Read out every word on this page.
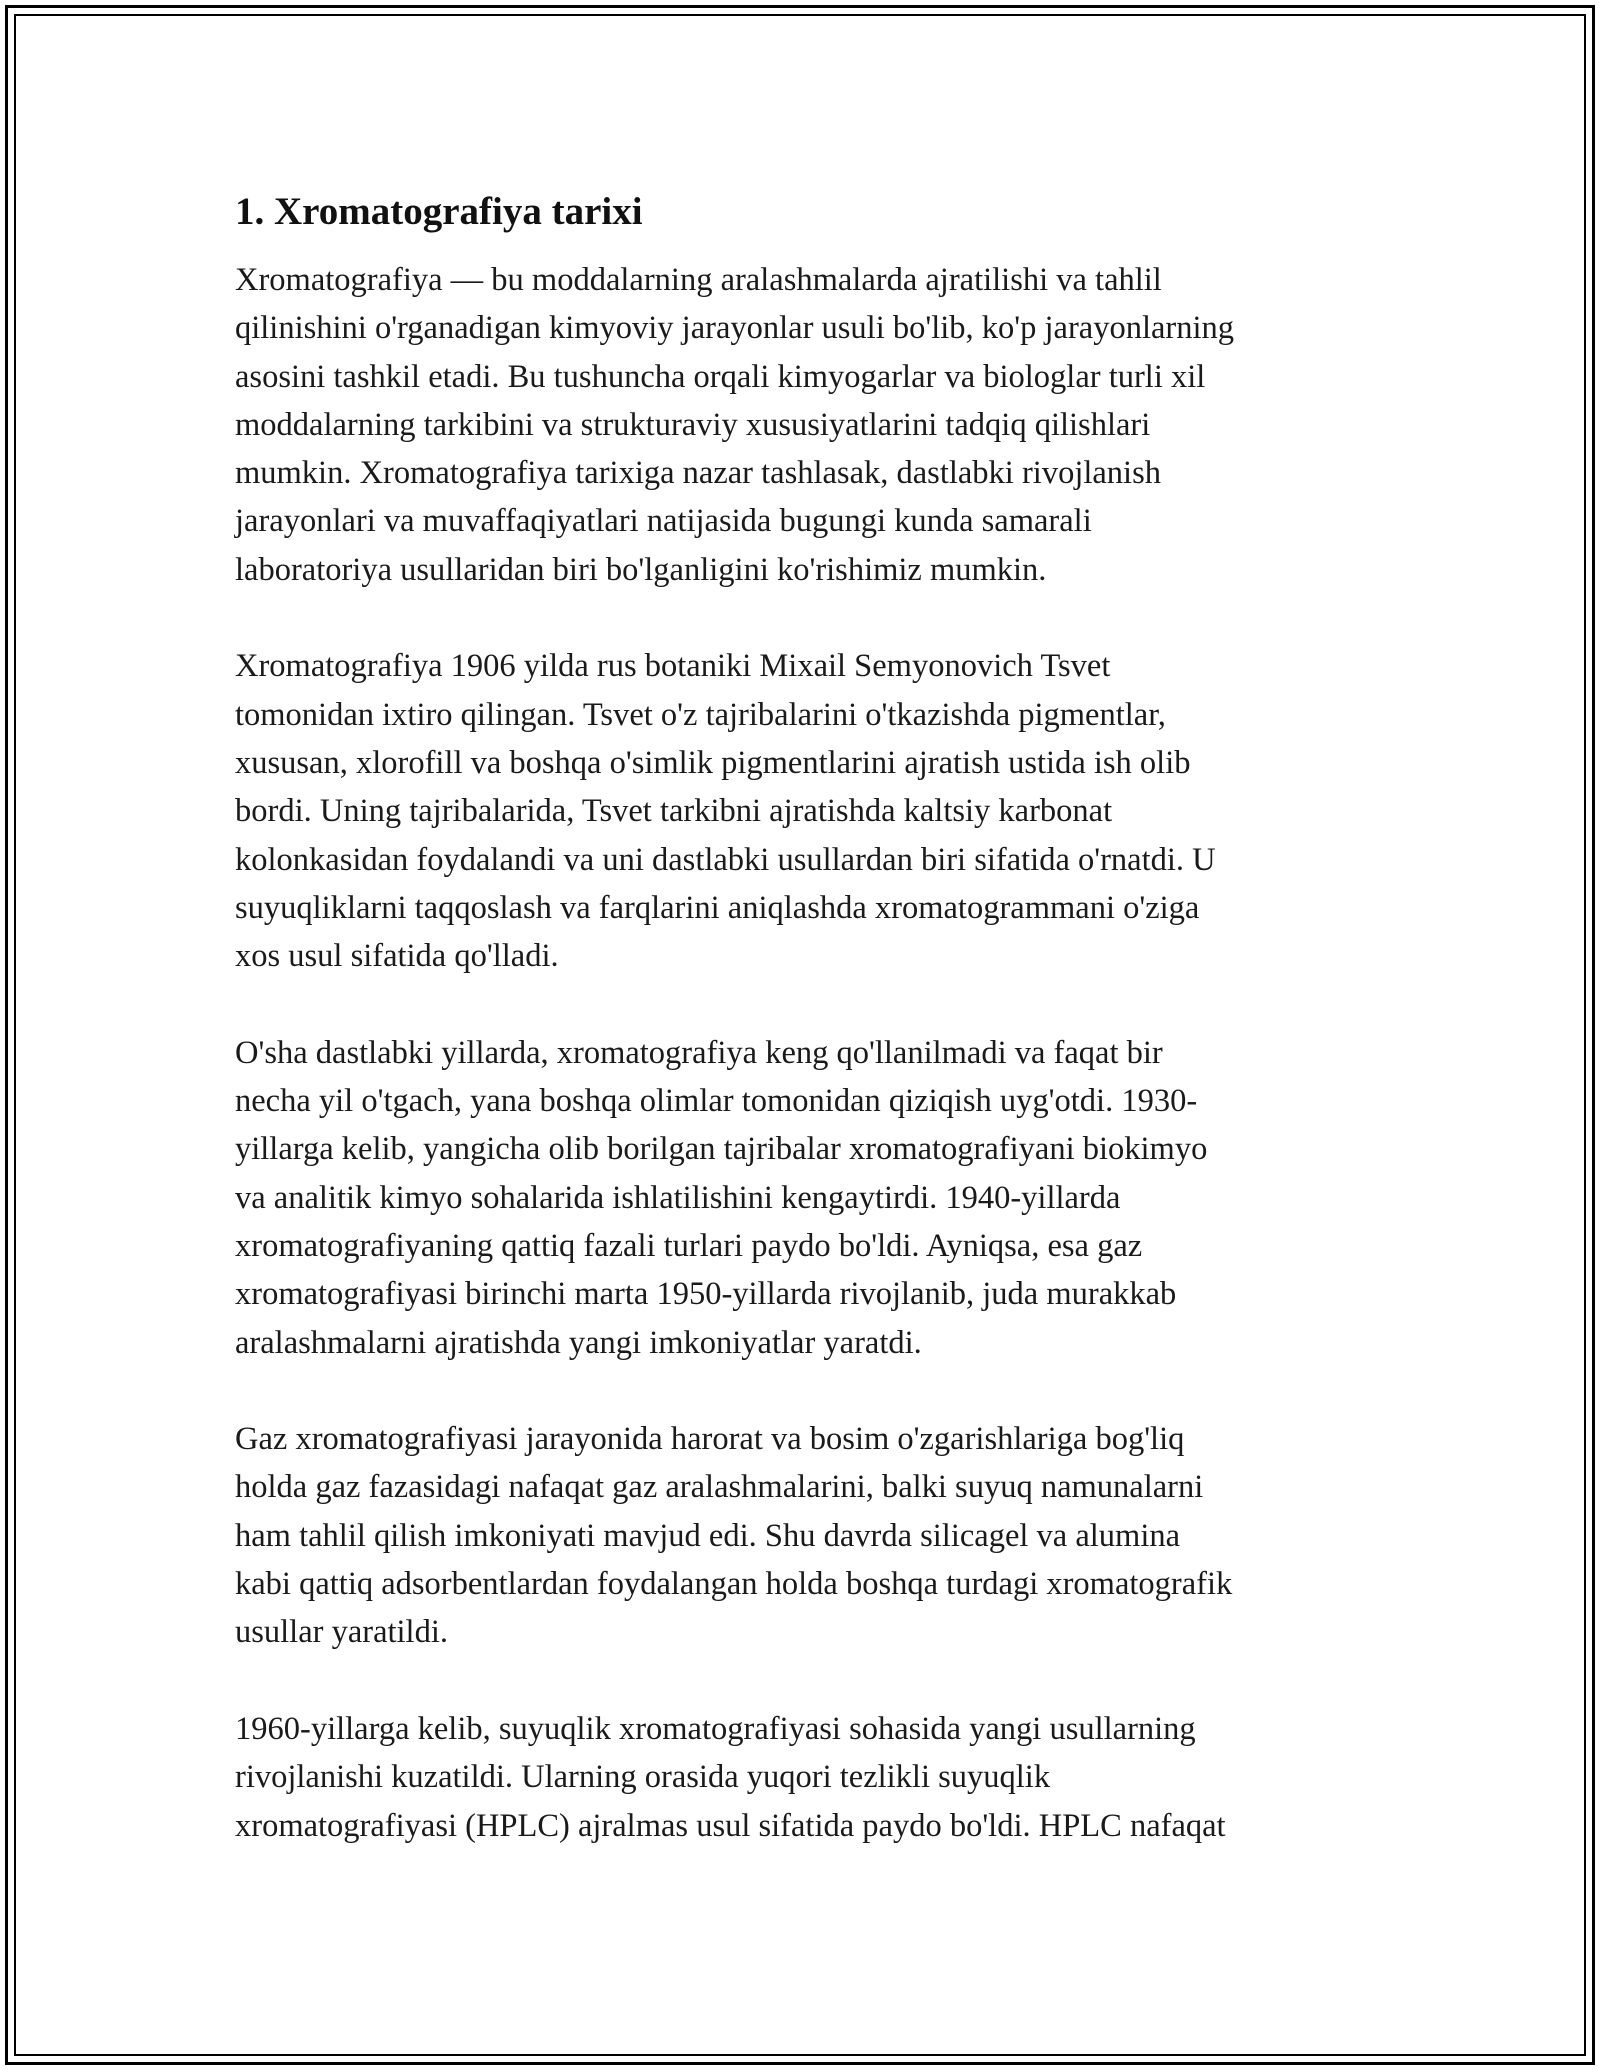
1. Xromatografiya tarixi

Xromatografiya — bu moddalarning aralashmalarda ajratilishi va tahlil
qilinishini o'rganadigan kimyoviy jarayonlar usuli bo'lib, ko'p jarayonlarning
asosini tashkil etadi. Bu tushuncha orqali kimyogarlar va biologlar turli xil
moddalarning tarkibini va strukturaviy xususiyatlarini tadqiq qilishlari
mumkin. Xromatografiya tarixiga nazar tashlasak, dastlabki rivojlanish
jarayonlari va muvaffaqiyatlari natijasida bugungi kunda samarali
laboratoriya usullaridan biri bo'lganligini ko'rishimiz mumkin.

Xromatografiya 1906 yilda rus botaniki Mixail Semyonovich Tsvet
tomonidan ixtiro qilingan. Tsvet o'z tajribalarini o'tkazishda pigmentlar,
xususan, xlorofill va boshqa o'simlik pigmentlarini ajratish ustida ish olib
bordi. Uning tajribalarida, Tsvet tarkibni ajratishda kaltsiy karbonat
kolonkasidan foydalandi va uni dastlabki usullardan biri sifatida o'rnatdi. U
suyuqliklarni taqqoslash va farqlarini aniqlashda xromatogrammani o'ziga
xos usul sifatida qo'lladi.

O'sha dastlabki yillarda, xromatografiya keng qo'llanilmadi va faqat bir
necha yil o'tgach, yana boshqa olimlar tomonidan qiziqish uyg'otdi. 1930-
yillarga kelib, yangicha olib borilgan tajribalar xromatografiyani biokimyo
va analitik kimyo sohalarida ishlatilishini kengaytirdi. 1940-yillarda
xromatografiyaning qattiq fazali turlari paydo bo'ldi. Ayniqsa, esa gaz
xromatografiyasi birinchi marta 1950-yillarda rivojlanib, juda murakkab
aralashmalarni ajratishda yangi imkoniyatlar yaratdi.

Gaz xromatografiyasi jarayonida harorat va bosim o'zgarishlariga bog'liq
holda gaz fazasidagi nafaqat gaz aralashmalarini, balki suyuq namunalarni
ham tahlil qilish imkoniyati mavjud edi. Shu davrda silicagel va alumina
kabi qattiq adsorbentlardan foydalangan holda boshqa turdagi xromatografik
usullar yaratildi.

1960-yillarga kelib, suyuqlik xromatografiyasi sohasida yangi usullarning
rivojlanishi kuzatildi. Ularning orasida yuqori tezlikli suyuqlik
xromatografiyasi (HPLC) ajralmas usul sifatida paydo bo'ldi. HPLC nafaqat
